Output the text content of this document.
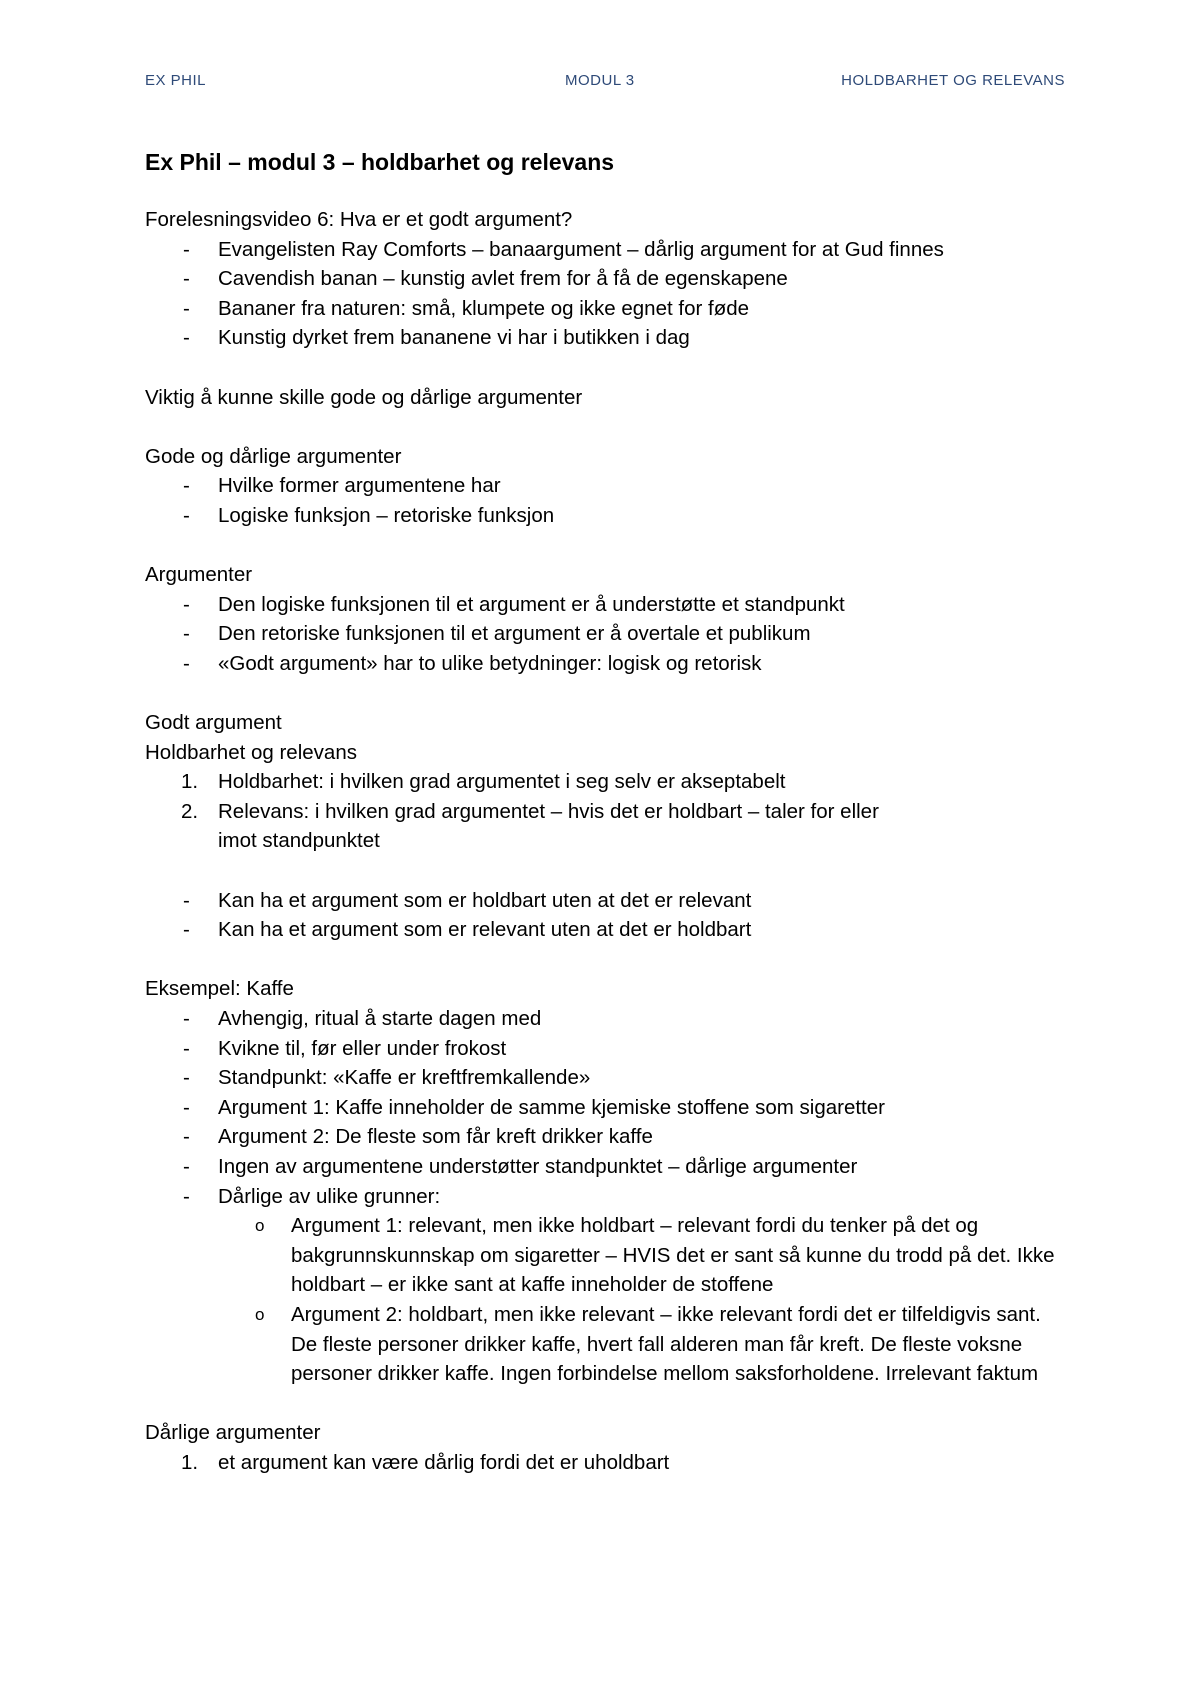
EX PHIL	MODUL 3	HOLDBARHET OG RELEVANS
Ex Phil – modul 3 – holdbarhet og relevans
Forelesningsvideo 6: Hva er et godt argument?
-	Evangelisten Ray Comforts – banaargument – dårlig argument for at Gud finnes
-	Cavendish banan – kunstig avlet frem for å få de egenskapene
-	Bananer fra naturen: små, klumpete og ikke egnet for føde
-	Kunstig dyrket frem bananene vi har i butikken i dag
Viktig å kunne skille gode og dårlige argumenter
Gode og dårlige argumenter
-	Hvilke former argumentene har
-	Logiske funksjon – retoriske funksjon
Argumenter
-	Den logiske funksjonen til et argument er å understøtte et standpunkt
-	Den retoriske funksjonen til et argument er å overtale et publikum
-	«Godt argument» har to ulike betydninger: logisk og retorisk
Godt argument
Holdbarhet og relevans
1. Holdbarhet: i hvilken grad argumentet i seg selv er akseptabelt
2. Relevans: i hvilken grad argumentet – hvis det er holdbart – taler for eller imot standpunktet
-	Kan ha et argument som er holdbart uten at det er relevant
-	Kan ha et argument som er relevant uten at det er holdbart
Eksempel: Kaffe
-	Avhengig, ritual å starte dagen med
-	Kvikne til, før eller under frokost
-	Standpunkt: «Kaffe er kreftfremkallende»
-	Argument 1: Kaffe inneholder de samme kjemiske stoffene som sigaretter
-	Argument 2: De fleste som får kreft drikker kaffe
-	Ingen av argumentene understøtter standpunktet – dårlige argumenter
-	Dårlige av ulike grunner:
o Argument 1: relevant, men ikke holdbart – relevant fordi du tenker på det og bakgrunnskunnskap om sigaretter – HVIS det er sant så kunne du trodd på det. Ikke holdbart – er ikke sant at kaffe inneholder de stoffene
o Argument 2: holdbart, men ikke relevant – ikke relevant fordi det er tilfeldigvis sant. De fleste personer drikker kaffe, hvert fall alderen man får kreft. De fleste voksne personer drikker kaffe. Ingen forbindelse mellom saksforholdene. Irrelevant faktum
Dårlige argumenter
1. et argument kan være dårlig fordi det er uholdbart
